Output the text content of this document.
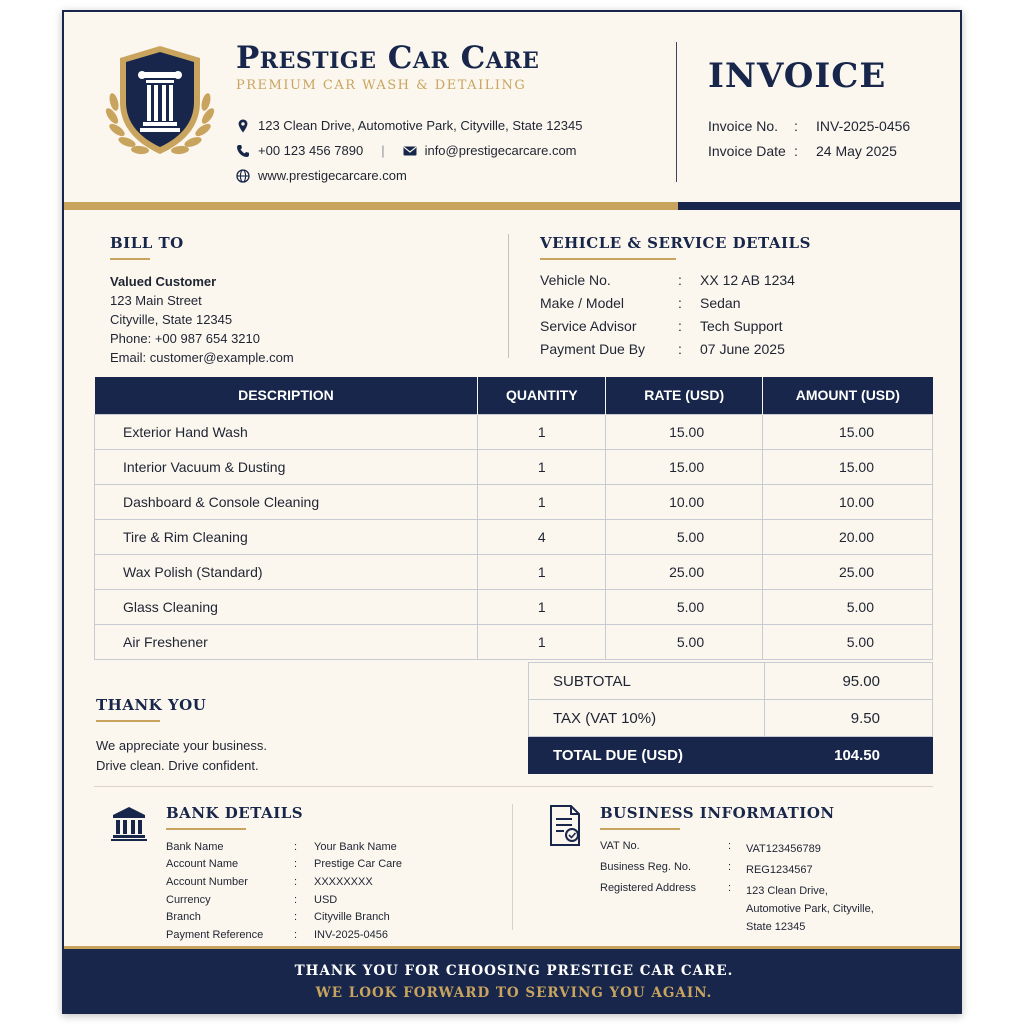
Prestige Car Care
PREMIUM CAR WASH & DETAILING
123 Clean Drive, Automotive Park, Cityville, State 12345
+00 123 456 7890 |	info@prestigecarcare.com
www.prestigecarcare.com
INVOICE
Invoice No.	:	INV-2025-0456
Invoice Date :	24 May 2025
BILL TO
Valued Customer
123 Main Street
Cityville, State 12345
Phone: +00 987 654 3210
Email: customer@example.com
VEHICLE & SERVICE DETAILS
Vehicle No.	:	XX 12 AB 1234
Make / Model	:	Sedan
Service Advisor	:	Tech Support
Payment Due By	:	07 June 2025
DESCRIPTION	QUANTITY	RATE (USD)	AMOUNT (USD)
Exterior Hand Wash	1	15.00	15.00
Interior Vacuum & Dusting	1	15.00	15.00
Dashboard & Console Cleaning	1	10.00	10.00
Tire & Rim Cleaning	4	5.00	20.00
Wax Polish (Standard)	1	25.00	25.00
Glass Cleaning	1	5.00	5.00
Air Freshener	1	5.00	5.00
THANK YOU
We appreciate your business.
Drive clean. Drive confident.
SUBTOTAL	95.00
TAX (VAT 10%)	9.50
TOTAL DUE (USD)	104.50
BANK DETAILS
Bank Name	:	Your Bank Name
Account Name	:	Prestige Car Care
Account Number	:	XXXXXXXX
Currency	:	USD
Branch	:	Cityville Branch
Payment Reference	:	INV-2025-0456
BUSINESS INFORMATION
VAT No.	:	VAT123456789
Business Reg. No.	:	REG1234567
Registered Address	:	123 Clean Drive,
Automotive Park, Cityville,
State 12345
THANK YOU FOR CHOOSING PRESTIGE CAR CARE.
WE LOOK FORWARD TO SERVING YOU AGAIN.
